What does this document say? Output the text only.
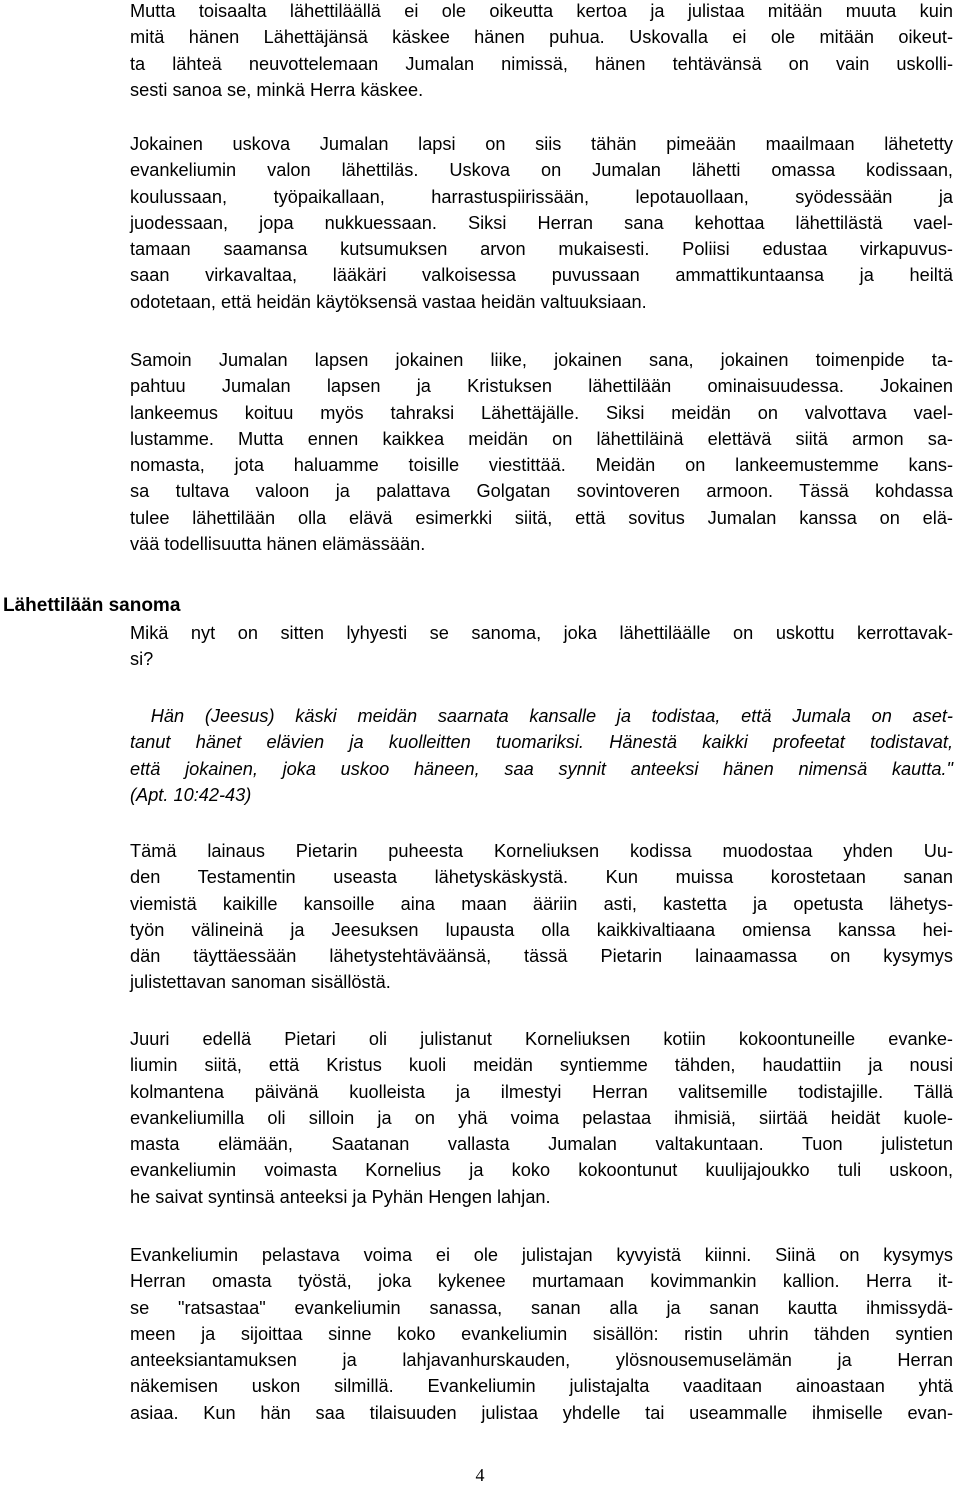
Mutta toisaalta lähettiläällä ei ole oikeutta kertoa ja julistaa mitään muuta kuin
mitä hänen Lähettäjänsä käskee hänen puhua. Uskovalla ei ole mitään oikeut-
ta lähteä neuvottelemaan Jumalan nimissä, hänen tehtävänsä on vain uskolli-
sesti sanoa se, minkä Herra käskee.
Jokainen uskova Jumalan lapsi on siis tähän pimeään maailmaan lähetetty
evankeliumin valon lähettiläs. Uskova on Jumalan lähetti omassa kodissaan,
koulussaan, työpaikallaan, harrastuspiirissään, lepotauollaan, syödessään ja
juodessaan, jopa nukkuessaan. Siksi Herran sana kehottaa lähettilästä vael-
tamaan saamansa kutsumuksen arvon mukaisesti. Poliisi edustaa virkapuvus-
saan virkavaltaa, lääkäri valkoisessa puvussaan ammattikuntaansa ja heiltä
odotetaan, että heidän käytöksensä vastaa heidän valtuuksiaan.
Samoin Jumalan lapsen jokainen liike, jokainen sana, jokainen toimenpide ta-
pahtuu Jumalan lapsen ja Kristuksen lähettilään ominaisuudessa. Jokainen
lankeemus koituu myös tahraksi Lähettäjälle. Siksi meidän on valvottava vael-
lustamme. Mutta ennen kaikkea meidän on lähettiläinä elettävä siitä armon sa-
nomasta, jota haluamme toisille viestittää. Meidän on lankeemustemme kans-
sa tultava valoon ja palattava Golgatan sovintoveren armoon. Tässä kohdassa
tulee lähettilään olla elävä esimerkki siitä, että sovitus Jumalan kanssa on elä-
vää todellisuutta hänen elämässään.
Lähettilään sanoma
Mikä nyt on sitten lyhyesti se sanoma, joka lähettiläälle on uskottu kerrottavak-
si?
Hän (Jeesus) käski meidän saarnata kansalle ja todistaa, että Jumala on aset-
tanut hänet elävien ja kuolleitten tuomariksi. Hänestä kaikki profeetat todistavat,
että jokainen, joka uskoo häneen, saa synnit anteeksi hänen nimensä kautta."
(Apt. 10:42-43)
Tämä lainaus Pietarin puheesta Korneliuksen kodissa muodostaa yhden Uu-
den Testamentin useasta lähetyskäskystä. Kun muissa korostetaan sanan
viemistä kaikille kansoille aina maan ääriin asti, kastetta ja opetusta lähetys-
työn välineinä ja Jeesuksen lupausta olla kaikkivaltiaana omiensa kanssa hei-
dän täyttäessään lähetystehtäväänsä, tässä Pietarin lainaamassa on kysymys
julistettavan sanoman sisällöstä.
Juuri edellä Pietari oli julistanut Korneliuksen kotiin kokoontuneille evanke-
liumin siitä, että Kristus kuoli meidän syntiemme tähden, haudattiin ja nousi
kolmantena päivänä kuolleista ja ilmestyi Herran valitsemille todistajille. Tällä
evankeliumilla oli silloin ja on yhä voima pelastaa ihmisiä, siirtää heidät kuole-
masta elämään, Saatanan vallasta Jumalan valtakuntaan. Tuon julistetun
evankeliumin voimasta Kornelius ja koko kokoontunut kuulijajoukko tuli uskoon,
he saivat syntinsä anteeksi ja Pyhän Hengen lahjan.
Evankeliumin pelastava voima ei ole julistajan kyvyistä kiinni. Siinä on kysymys
Herran omasta työstä, joka kykenee murtamaan kovimmankin kallion. Herra it-
se "ratsastaa" evankeliumin sanassa, sanan alla ja sanan kautta ihmissydä-
meen ja sijoittaa sinne koko evankeliumin sisällön: ristin uhrin tähden syntien
anteeksiantamuksen ja lahjavanhurskauden, ylösnousemuselämän ja Herran
näkemisen uskon silmillä. Evankeliumin julistajalta vaaditaan ainoastaan yhtä
asiaa. Kun hän saa tilaisuuden julistaa yhdelle tai useammalle ihmiselle evan-
4
